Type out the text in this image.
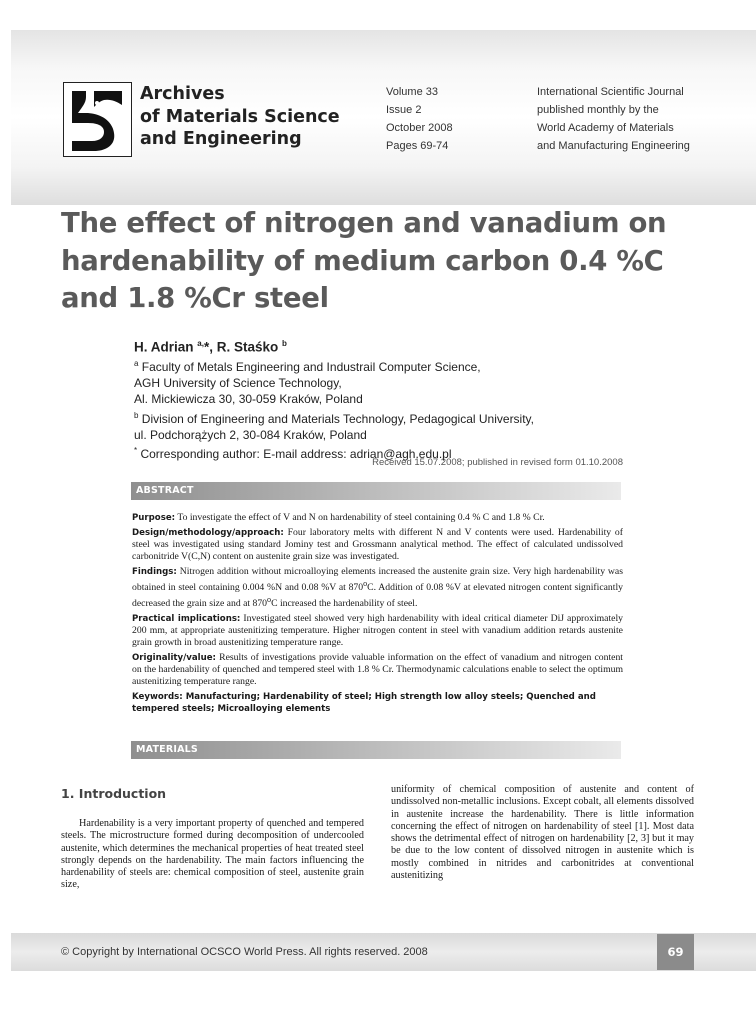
Archives
of Materials Science
and Engineering
Volume 33
Issue 2
October 2008
Pages 69-74
International Scientific Journal
published monthly by the
World Academy of Materials
and Manufacturing Engineering
The effect of nitrogen and vanadium on
hardenability of medium carbon 0.4 %C
and 1.8 %Cr steel
H. Adrian $^{a,}$*, R. Staśko $^b$
$^a$ Faculty of Metals Engineering and Industrail Computer Science,
AGH University of Science Technology,
Al. Mickiewicza 30, 30-059 Kraków, Poland
$^b$ Division of Engineering and Materials Technology, Pedagogical University,
ul. Podchorążych 2, 30-084 Kraków, Poland
* Corresponding author: E-mail address: adrian@agh.edu.pl
Received 15.07.2008; published in revised form 01.10.2008
ABSTRACT

Purpose: To investigate the effect of V and N on hardenability of steel containing 0.4 % C and 1.8 % Cr.

Design/methodology/approach: Four laboratory melts with different N and V contents were used. Hardenability of steel was investigated using standard Jominy test and Grossmann analytical method. The effect of calculated undissolved carbonitride V(C,N) content on austenite grain size was investigated.

Findings: Nitrogen addition without microalloying elements increased the austenite grain size. Very high hardenability was obtained in steel containing 0.004 %N and 0.08 %V at 870$^o$C. Addition of 0.08 %V at elevated nitrogen content significantly decreased the grain size and at 870$^o$C increased the hardenability of steel.

Practical implications: Investigated steel showed very high hardenability with ideal critical diameter DiJ approximately 200 mm, at appropriate austenitizing temperature. Higher nitrogen content in steel with vanadium addition retards austenite grain growth in broad austenitizing temperature range.

Originality/value: Results of investigations provide valuable information on the effect of vanadium and nitrogen content on the hardenability of quenched and tempered steel with 1.8 % Cr. Thermodynamic calculations enable to select the optimum austenitizing temperature range.

Keywords: Manufacturing; Hardenability of steel; High strength low alloy steels; Quenched and tempered steels; Microalloying elements

MATERIALS
1. Introduction
Hardenability is a very important property of quenched and tempered steels. The microstructure formed during decomposition of undercooled austenite, which determines the mechanical properties of heat treated steel strongly depends on the hardenability. The main factors influencing the hardenability of steels are: chemical composition of steel, austenite grain size,
uniformity of chemical composition of austenite and content of undissolved non-metallic inclusions. Except cobalt, all elements dissolved in austenite increase the hardenability. There is little information concerning the effect of nitrogen on hardenability of steel [1]. Most data shows the detrimental effect of nitrogen on hardenability [2, 3] but it may be due to the low content of dissolved nitrogen in austenite which is mostly combined in nitrides and carbonitrides at conventional austenitizing
© Copyright by International OCSCO World Press. All rights reserved. 2008	69
